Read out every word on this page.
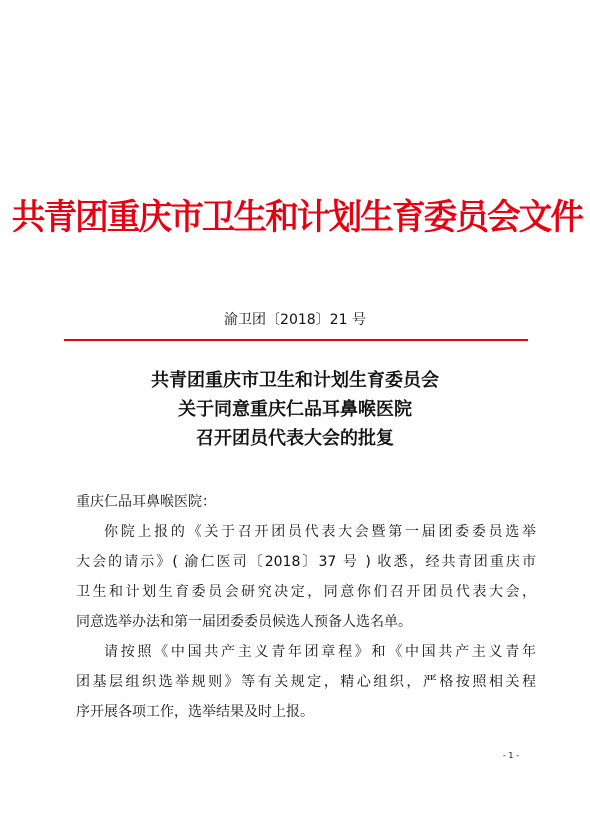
共青团重庆市卫生和计划生育委员会文件
渝卫团〔2018〕21 号
共青团重庆市卫生和计划生育委员会
关于同意重庆仁品耳鼻喉医院
召开团员代表大会的批复
重庆仁品耳鼻喉医院：
你院上报的《关于召开团员代表大会暨第一届团委委员选举
大会的请示》( 渝仁医司〔2018〕37 号 ) 收悉，经共青团重庆市
卫生和计划生育委员会研究决定，同意你们召开团员代表大会，
同意选举办法和第一届团委委员候选人预备人选名单。
请按照《中国共产主义青年团章程》和《中国共产主义青年
团基层组织选举规则》等有关规定，精心组织，严格按照相关程
序开展各项工作，选举结果及时上报。
- 1 -
